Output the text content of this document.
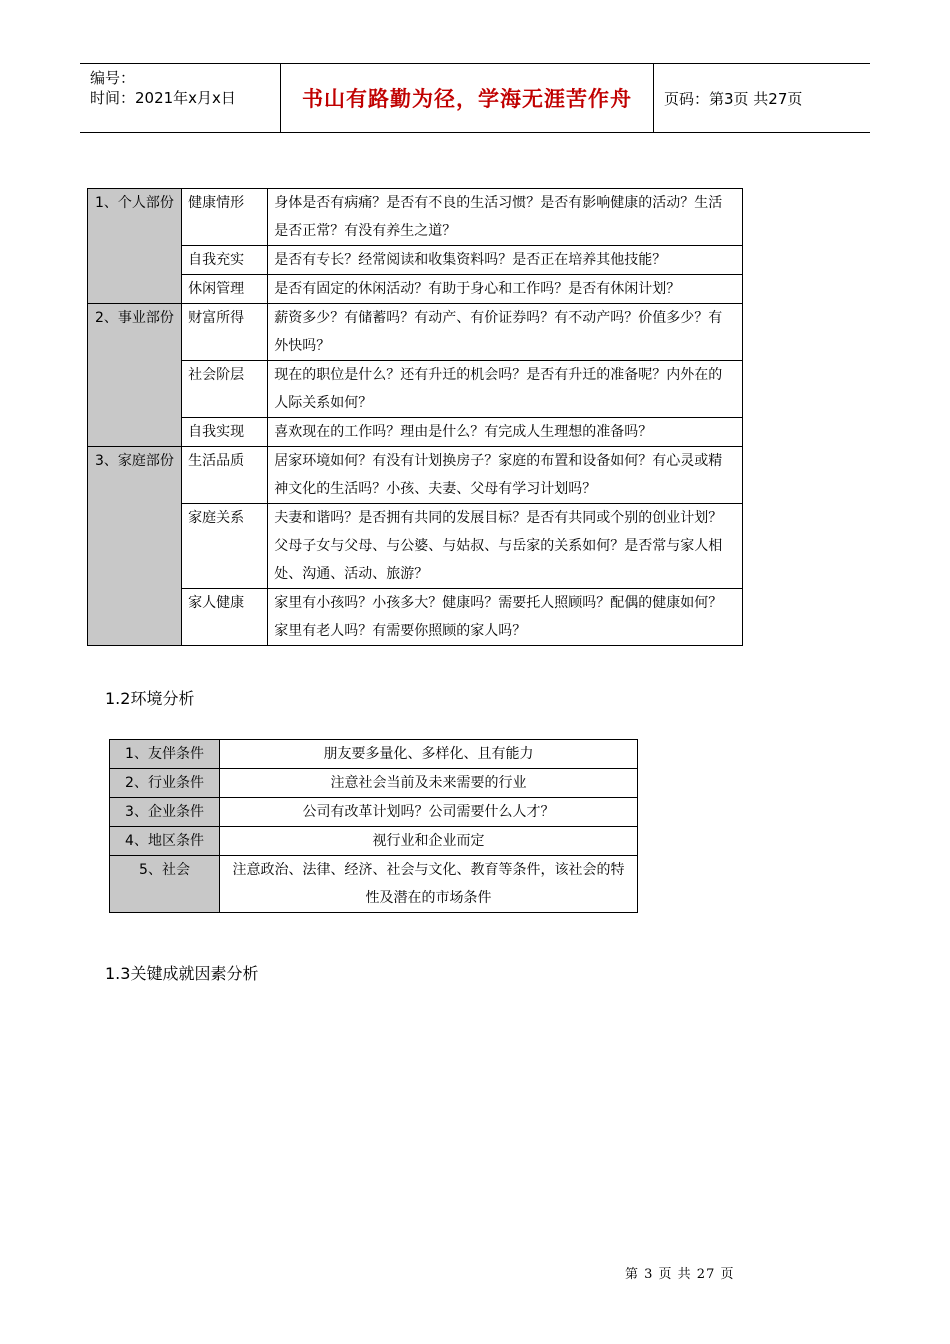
编号：
时间：2021年x月x日	书山有路勤为径，学海无涯苦作舟	页码：第3页 共27页
1、个人部份	健康情形	身体是否有病痛？是否有不良的生活习惯？是否有影响健康的活动？生活是否正常？有没有养生之道？
	自我充实	是否有专长？经常阅读和收集资料吗？是否正在培养其他技能？
	休闲管理	是否有固定的休闲活动？有助于身心和工作吗？是否有休闲计划？
2、事业部份	财富所得	薪资多少？有储蓄吗？有动产、有价证券吗？有不动产吗？价值多少？有外快吗？
	社会阶层	现在的职位是什么？还有升迁的机会吗？是否有升迁的准备呢？内外在的人际关系如何？
	自我实现	喜欢现在的工作吗？理由是什么？有完成人生理想的准备吗？
3、家庭部份	生活品质	居家环境如何？有没有计划换房子？家庭的布置和设备如何？有心灵或精神文化的生活吗？小孩、夫妻、父母有学习计划吗？
	家庭关系	夫妻和谐吗？是否拥有共同的发展目标？是否有共同或个别的创业计划？父母子女与父母、与公婆、与姑叔、与岳家的关系如何？是否常与家人相处、沟通、活动、旅游？
	家人健康	家里有小孩吗？小孩多大？健康吗？需要托人照顾吗？配偶的健康如何？家里有老人吗？有需要你照顾的家人吗？
1.2环境分析
1、友伴条件	朋友要多量化、多样化、且有能力
2、行业条件	注意社会当前及未来需要的行业
3、企业条件	公司有改革计划吗？公司需要什么人才？
4、地区条件	视行业和企业而定
5、社会	注意政治、法律、经济、社会与文化、教育等条件，该社会的特性及潜在的市场条件
1.3关键成就因素分析
第 3 页 共 27 页
